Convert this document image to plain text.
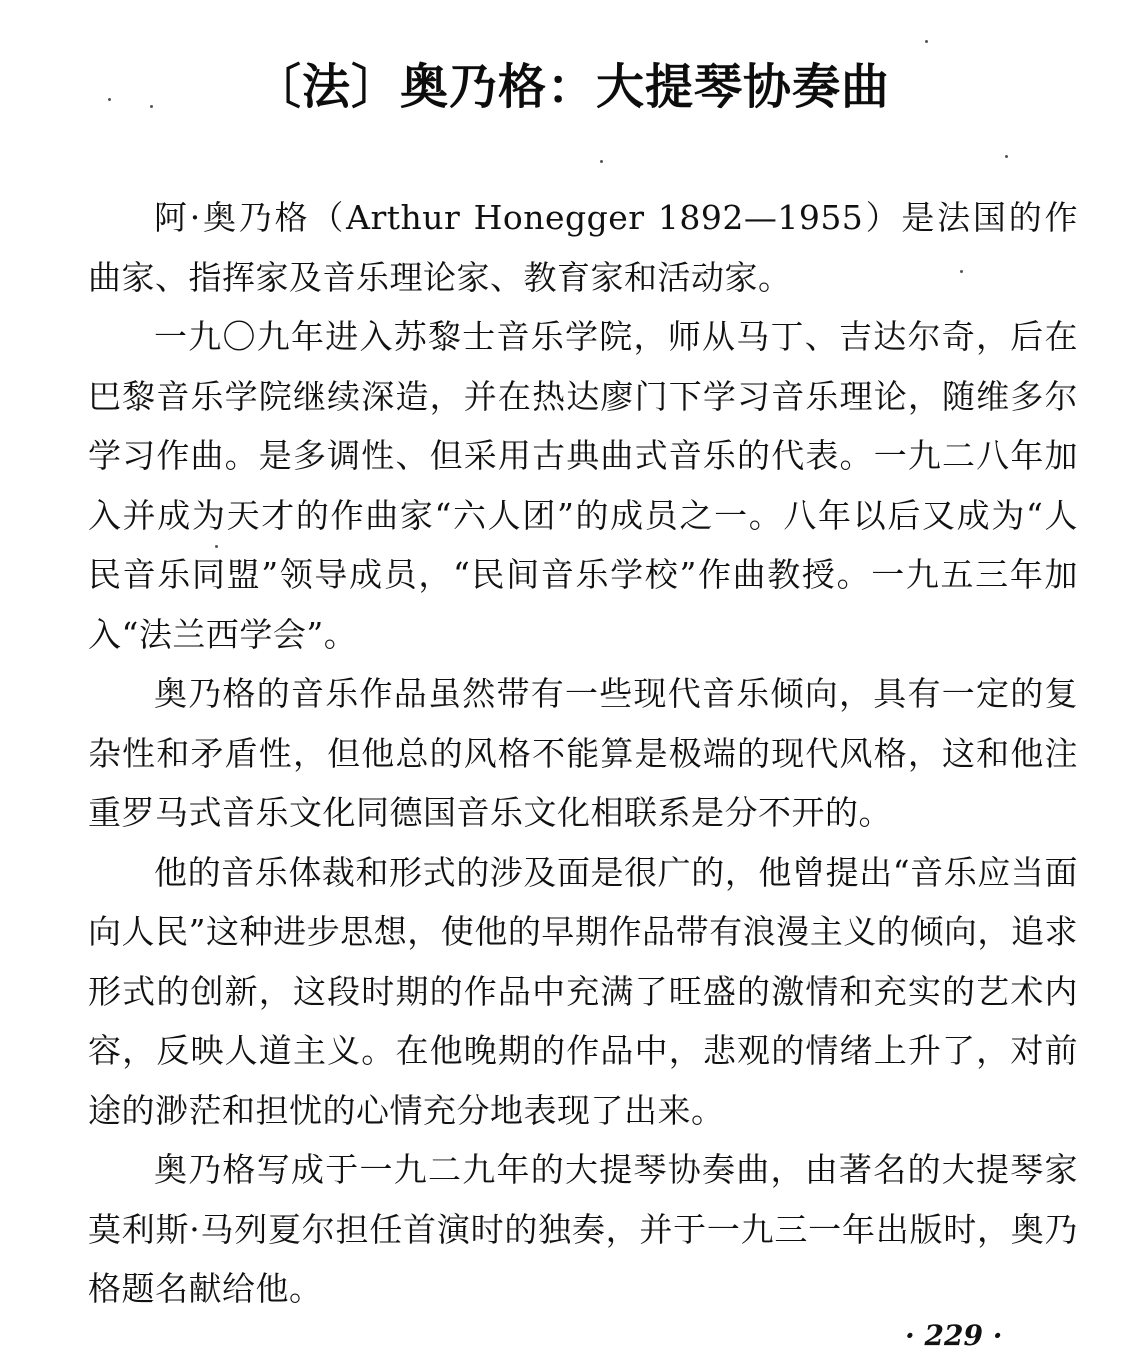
〔法〕奥乃格：大提琴协奏曲

阿·奥乃格（Arthur Honegger 1892—1955）是法国的作曲家、指挥家及音乐理论家、教育家和活动家。

一九〇九年进入苏黎士音乐学院，师从马丁、吉达尔奇，后在巴黎音乐学院继续深造，并在热达廖门下学习音乐理论，随维多尔学习作曲。是多调性、但采用古典曲式音乐的代表。一九二八年加入并成为天才的作曲家“六人团”的成员之一。八年以后又成为“人民音乐同盟”领导成员，“民间音乐学校”作曲教授。一九五三年加入“法兰西学会”。

奥乃格的音乐作品虽然带有一些现代音乐倾向，具有一定的复杂性和矛盾性，但他总的风格不能算是极端的现代风格，这和他注重罗马式音乐文化同德国音乐文化相联系是分不开的。

他的音乐体裁和形式的涉及面是很广的，他曾提出“音乐应当面向人民”这种进步思想，使他的早期作品带有浪漫主义的倾向，追求形式的创新，这段时期的作品中充满了旺盛的激情和充实的艺术内容，反映人道主义。在他晚期的作品中，悲观的情绪上升了，对前途的渺茫和担忧的心情充分地表现了出来。

奥乃格写成于一九二九年的大提琴协奏曲，由著名的大提琴家莫利斯·马列夏尔担任首演时的独奏，并于一九三一年出版时，奥乃格题名献给他。

· 229 ·
